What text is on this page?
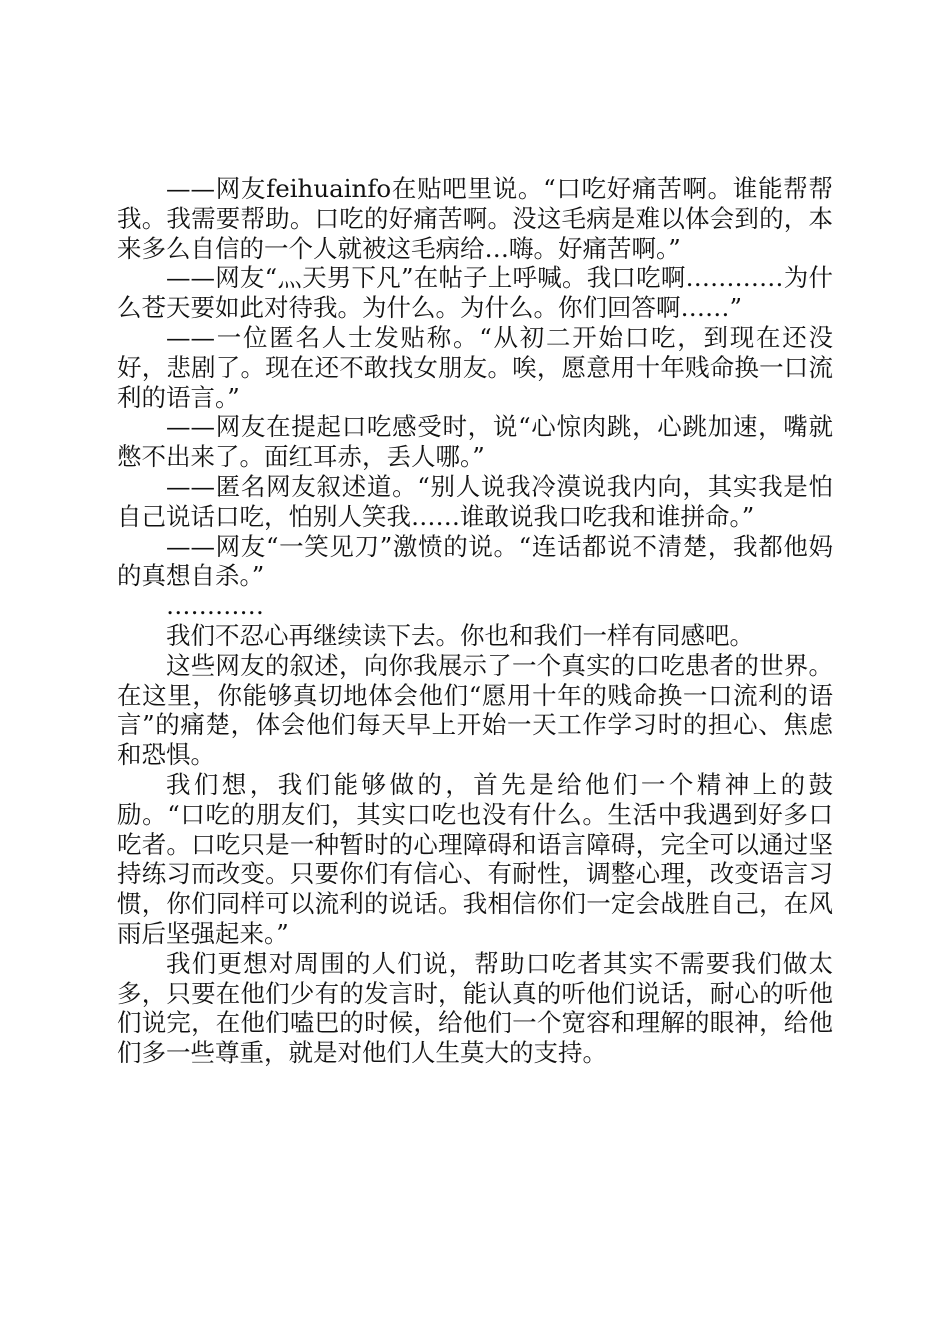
——网友feihuainfo在贴吧里说。“口吃好痛苦啊。谁能帮帮我。我需要帮助。口吃的好痛苦啊。没这毛病是难以体会到的，本来多么自信的一个人就被这毛病给…嗨。好痛苦啊。”

——网友“灬天男下凡”在帖子上呼喊。我口吃啊…………为什么苍天要如此对待我。为什么。为什么。你们回答啊……”

——一位匿名人士发贴称。“从初二开始口吃，到现在还没好，悲剧了。现在还不敢找女朋友。唉，愿意用十年贱命换一口流利的语言。”

——网友在提起口吃感受时，说“心惊肉跳，心跳加速，嘴就憋不出来了。面红耳赤，丢人哪。”

——匿名网友叙述道。“别人说我冷漠说我内向，其实我是怕自己说话口吃，怕别人笑我……谁敢说我口吃我和谁拼命。”

——网友“一笑见刀”激愤的说。“连话都说不清楚，我都他妈的真想自杀。”

…………

我们不忍心再继续读下去。你也和我们一样有同感吧。

这些网友的叙述，向你我展示了一个真实的口吃患者的世界。在这里，你能够真切地体会他们“愿用十年的贱命换一口流利的语言”的痛楚，体会他们每天早上开始一天工作学习时的担心、焦虑和恐惧。

我们想，我们能够做的，首先是给他们一个精神上的鼓励。“口吃的朋友们，其实口吃也没有什么。生活中我遇到好多口吃者。口吃只是一种暂时的心理障碍和语言障碍，完全可以通过坚持练习而改变。只要你们有信心、有耐性，调整心理，改变语言习惯，你们同样可以流利的说话。我相信你们一定会战胜自己，在风雨后坚强起来。”

我们更想对周围的人们说，帮助口吃者其实不需要我们做太多，只要在他们少有的发言时，能认真的听他们说话，耐心的听他们说完，在他们嗑巴的时候，给他们一个宽容和理解的眼神，给他们多一些尊重，就是对他们人生莫大的支持。
